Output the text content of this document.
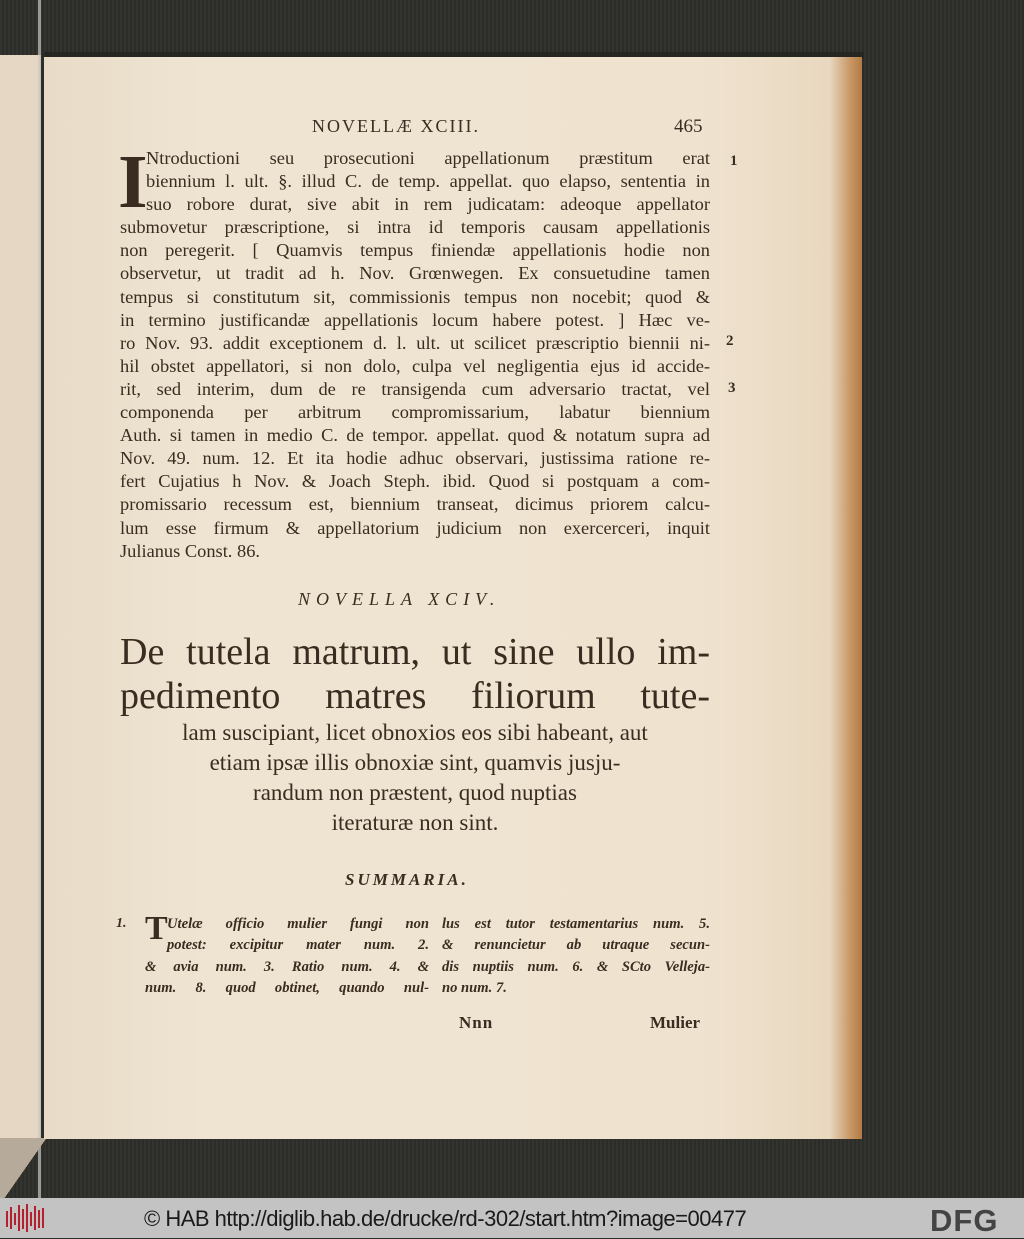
NOVELLÆ XCIII.	465
I
Ntroductioni seu prosecutioni appellationum præstitum erat
biennium l. ult. §. illud C. de temp. appellat. quo elapso, sententia in
suo robore durat, sive abit in rem judicatam: adeoque appellator
submovetur præscriptione, si intra id temporis causam appellationis
non peregerit. [ Quamvis tempus finiendæ appellationis hodie non
observetur, ut tradit ad h. Nov. Grœnwegen. Ex consuetudine tamen
tempus si constitutum sit, commissionis tempus non nocebit; quod &
in termino justificandæ appellationis locum habere potest. ] Hæc ve-
ro Nov. 93. addit exceptionem d. l. ult. ut scilicet præscriptio biennii ni-
hil obstet appellatori, si non dolo, culpa vel negligentia ejus id accide-
rit, sed interim, dum de re transigenda cum adversario tractat, vel
componenda per arbitrum compromissarium, labatur biennium
Auth. si tamen in medio C. de tempor. appellat. quod & notatum supra ad
Nov. 49. num. 12. Et ita hodie adhuc observari, justissima ratione re-
fert Cujatius h Nov. & Joach Steph. ibid. Quod si postquam a com-
promissario recessum est, biennium transeat, dicimus priorem calcu-
lum esse firmum & appellatorium judicium non exercerceri, inquit
Julianus Const. 86.
1
2
3
NOVELLA XCIV.
De tutela matrum, ut sine ullo im-
pedimento matres filiorum tute-
lam suscipiant, licet obnoxios eos sibi habeant, aut
etiam ipsæ illis obnoxiæ sint, quamvis jusju-
randum non præstent, quod nuptias
iteraturæ non sint.
SUMMARIA.
1. T Utelæ officio mulier fungi non
potest: excipitur mater num. 2.
& avia num. 3. Ratio num. 4. &
num. 8. quod obtinet, quando nul-
lus est tutor testamentarius num. 5.
& renuncietur ab utraque secun-
dis nuptiis num. 6. & SCto Velleja-
no num. 7.
Nnn	Mulier
© HAB http://diglib.hab.de/drucke/rd-302/start.htm?image=00477	DFG
